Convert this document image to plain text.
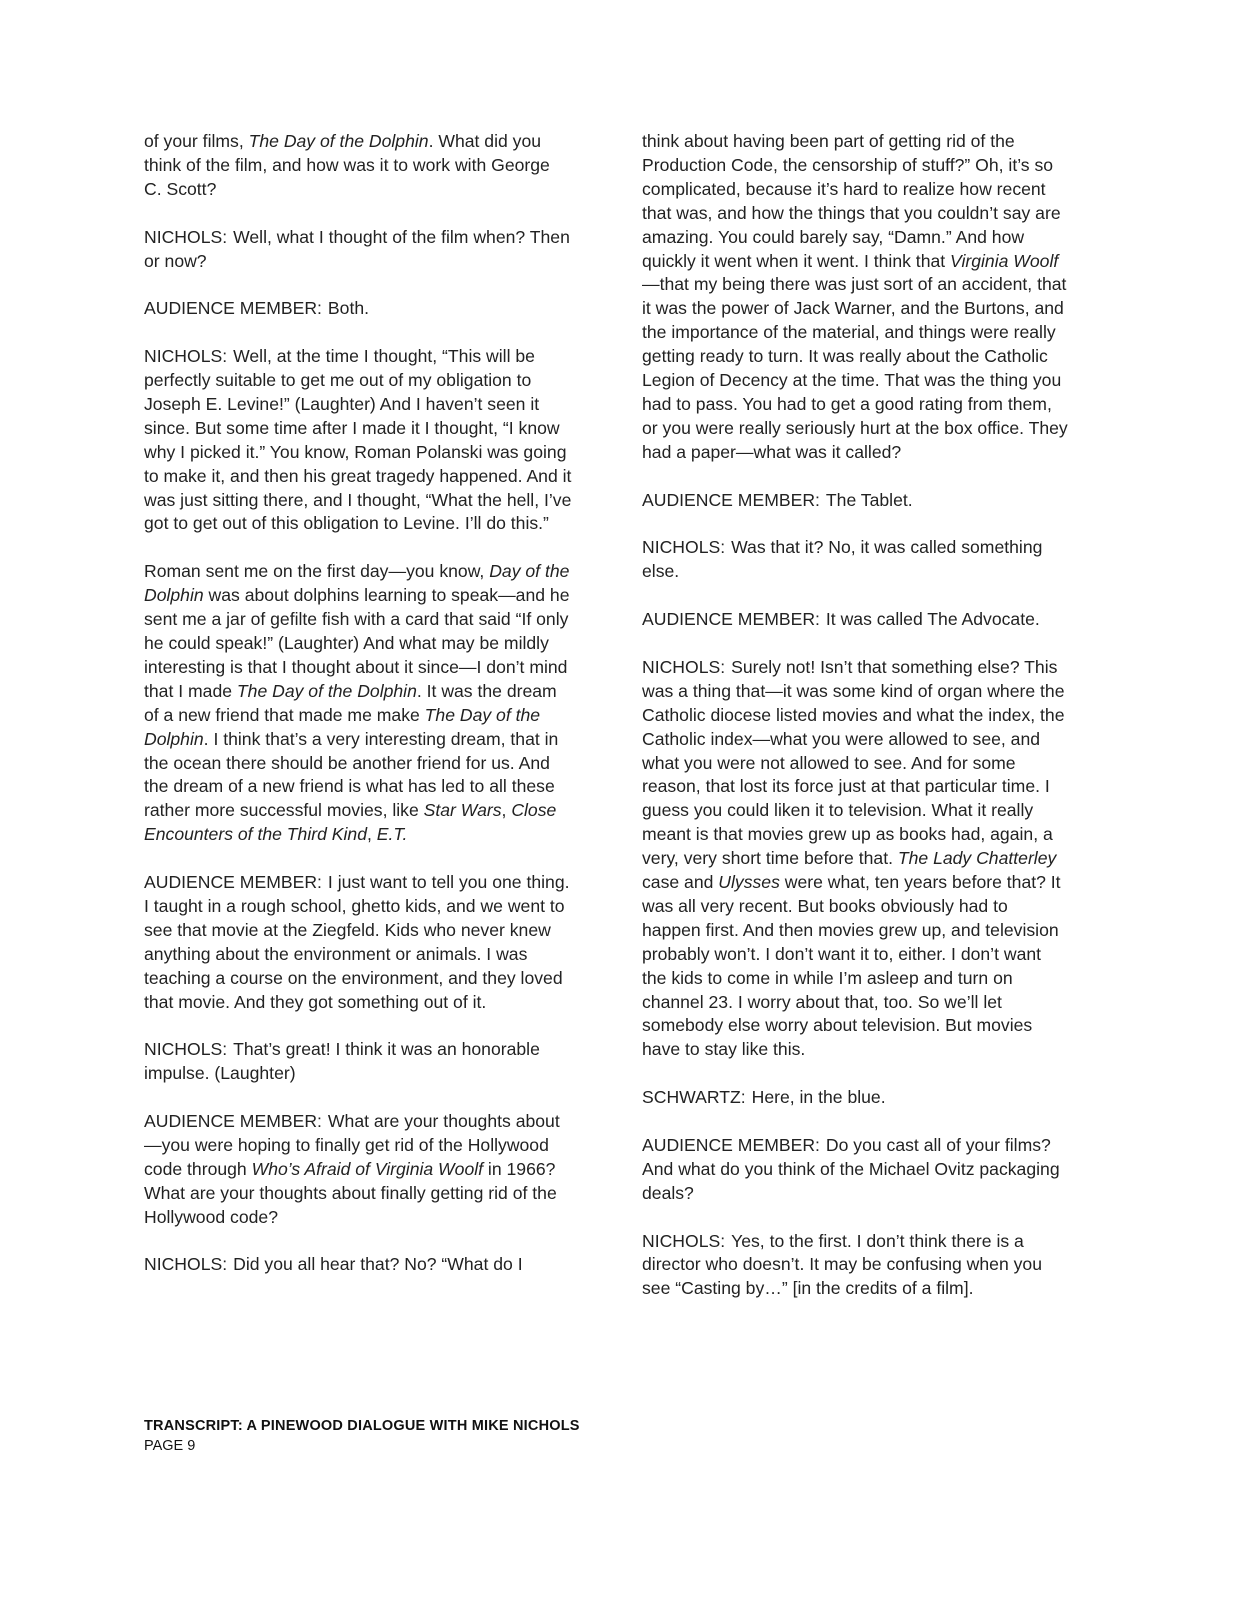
of your films, The Day of the Dolphin. What did you think of the film, and how was it to work with George C. Scott?

NICHOLS: Well, what I thought of the film when? Then or now?

AUDIENCE MEMBER: Both.

NICHOLS: Well, at the time I thought, “This will be perfectly suitable to get me out of my obligation to Joseph E. Levine!” (Laughter) And I haven’t seen it since. But some time after I made it I thought, “I know why I picked it.” You know, Roman Polanski was going to make it, and then his great tragedy happened. And it was just sitting there, and I thought, “What the hell, I’ve got to get out of this obligation to Levine. I’ll do this.”

Roman sent me on the first day—you know, Day of the Dolphin was about dolphins learning to speak—and he sent me a jar of gefilte fish with a card that said “If only he could speak!” (Laughter) And what may be mildly interesting is that I thought about it since—I don’t mind that I made The Day of the Dolphin. It was the dream of a new friend that made me make The Day of the Dolphin. I think that’s a very interesting dream, that in the ocean there should be another friend for us. And the dream of a new friend is what has led to all these rather more successful movies, like Star Wars, Close Encounters of the Third Kind, E.T.

AUDIENCE MEMBER: I just want to tell you one thing. I taught in a rough school, ghetto kids, and we went to see that movie at the Ziegfeld. Kids who never knew anything about the environment or animals. I was teaching a course on the environment, and they loved that movie. And they got something out of it.

NICHOLS: That’s great! I think it was an honorable impulse. (Laughter)

AUDIENCE MEMBER: What are your thoughts about—you were hoping to finally get rid of the Hollywood code through Who’s Afraid of Virginia Woolf in 1966? What are your thoughts about finally getting rid of the Hollywood code?

NICHOLS: Did you all hear that? No? “What do I

think about having been part of getting rid of the Production Code, the censorship of stuff?” Oh, it’s so complicated, because it’s hard to realize how recent that was, and how the things that you couldn’t say are amazing. You could barely say, “Damn.” And how quickly it went when it went. I think that Virginia Woolf—that my being there was just sort of an accident, that it was the power of Jack Warner, and the Burtons, and the importance of the material, and things were really getting ready to turn. It was really about the Catholic Legion of Decency at the time. That was the thing you had to pass. You had to get a good rating from them, or you were really seriously hurt at the box office. They had a paper—what was it called?

AUDIENCE MEMBER: The Tablet.

NICHOLS: Was that it? No, it was called something else.

AUDIENCE MEMBER: It was called The Advocate.

NICHOLS: Surely not! Isn’t that something else? This was a thing that—it was some kind of organ where the Catholic diocese listed movies and what the index, the Catholic index—what you were allowed to see, and what you were not allowed to see. And for some reason, that lost its force just at that particular time. I guess you could liken it to television. What it really meant is that movies grew up as books had, again, a very, very short time before that. The Lady Chatterley case and Ulysses were what, ten years before that? It was all very recent. But books obviously had to happen first. And then movies grew up, and television probably won’t. I don’t want it to, either. I don’t want the kids to come in while I’m asleep and turn on channel 23. I worry about that, too. So we’ll let somebody else worry about television. But movies have to stay like this.

SCHWARTZ: Here, in the blue.

AUDIENCE MEMBER: Do you cast all of your films? And what do you think of the Michael Ovitz packaging deals?

NICHOLS: Yes, to the first. I don’t think there is a director who doesn’t. It may be confusing when you see “Casting by…” [in the credits of a film].

TRANSCRIPT: A PINEWOOD DIALOGUE WITH MIKE NICHOLS
PAGE 9
